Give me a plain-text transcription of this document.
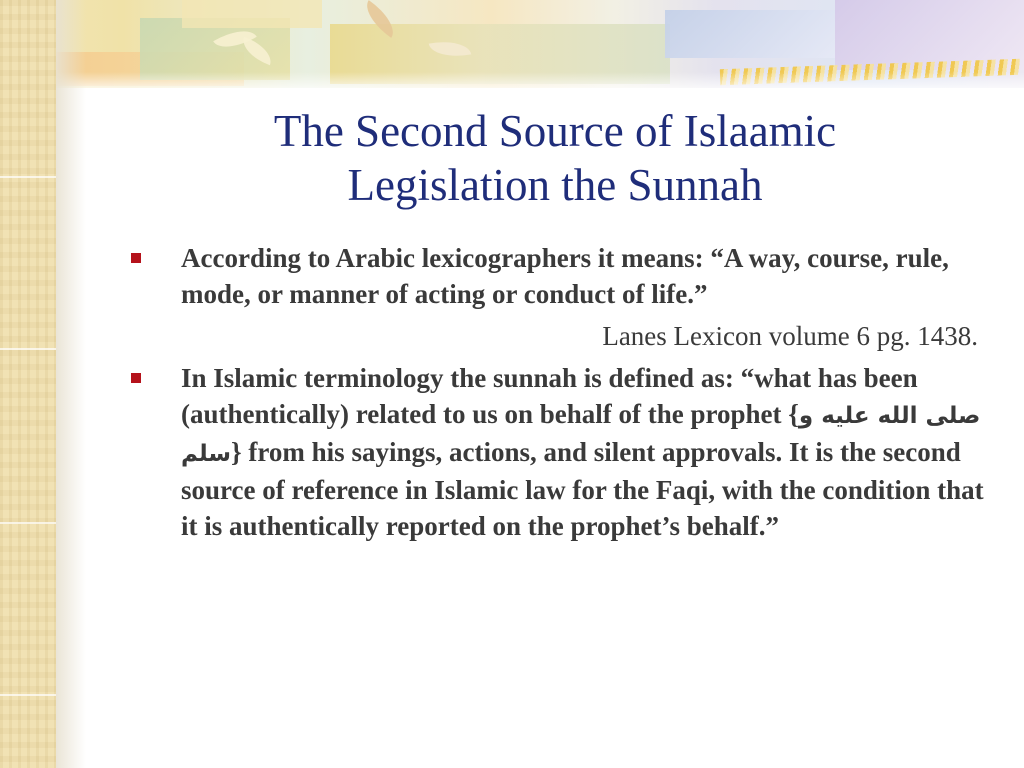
The Second Source of Islaamic
Legislation the Sunnah
According to Arabic lexicographers it means: “A way, course, rule, mode, or manner of acting or conduct of life.”
Lanes Lexicon volume 6 pg. 1438.
In Islamic terminology the sunnah is defined as: “what has been (authentically) related to us on behalf of the prophet {صلى الله عليه و سلم} from his sayings, actions, and silent approvals. It is the second source of reference in Islamic law for the Faqi, with the condition that it is authentically reported on the prophet’s behalf.”
